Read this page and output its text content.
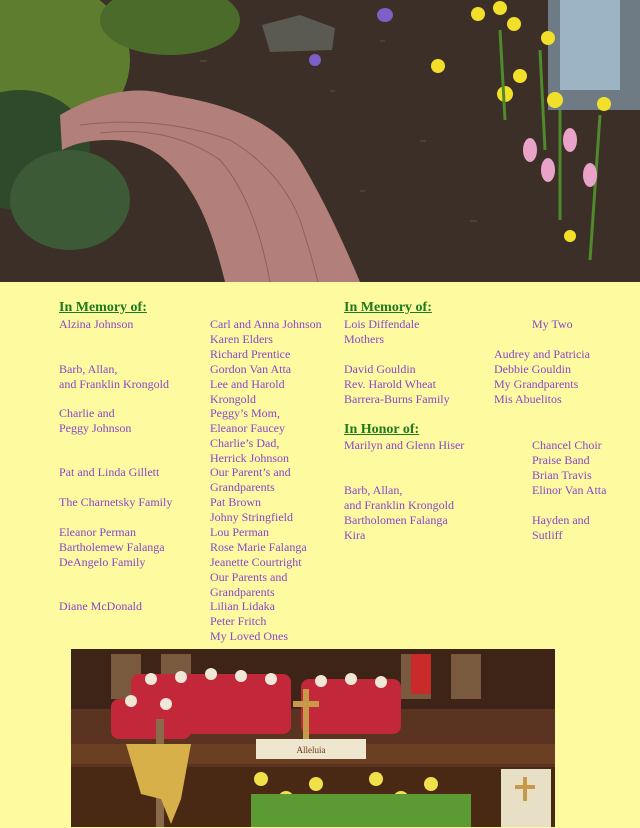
In Memory of:
Alzina Johnson
Barb, Allan,
and Franklin Krongold
Charlie and
Peggy Johnson
Pat and Linda Gillett
The Charnetsky Family
Eleanor Perman
Bartholemew Falanga
DeAngelo Family
Diane McDonald
Carl and Anna Johnson
Karen Elders
Richard Prentice
Gordon Van Atta
Lee and Harold
Krongold
Peggy’s Mom,
Eleanor Faucey
Charlie’s Dad,
Herrick Johnson
Our Parent’s and
Grandparents
Pat Brown
Johny Stringfield
Lou Perman
Rose Marie Falanga
Jeanette Courtright
Our Parents and
Grandparents
Lilian Lidaka
Peter Fritch
My Loved Ones
In Memory of:
Lois Diffendale
Mothers
David Gouldin
Rev. Harold Wheat
Barrera-Burns Family
My Two
Audrey and Patricia
Debbie Gouldin
My Grandparents
Mis Abuelitos
In Honor of:
Marilyn and Glenn Hiser
Barb, Allan,
and Franklin Krongold
Bartholomen Falanga
Kira
Chancel Choir
Praise Band
Brian Travis
Elinor Van Atta
Hayden and
Sutliff
Alleluia
